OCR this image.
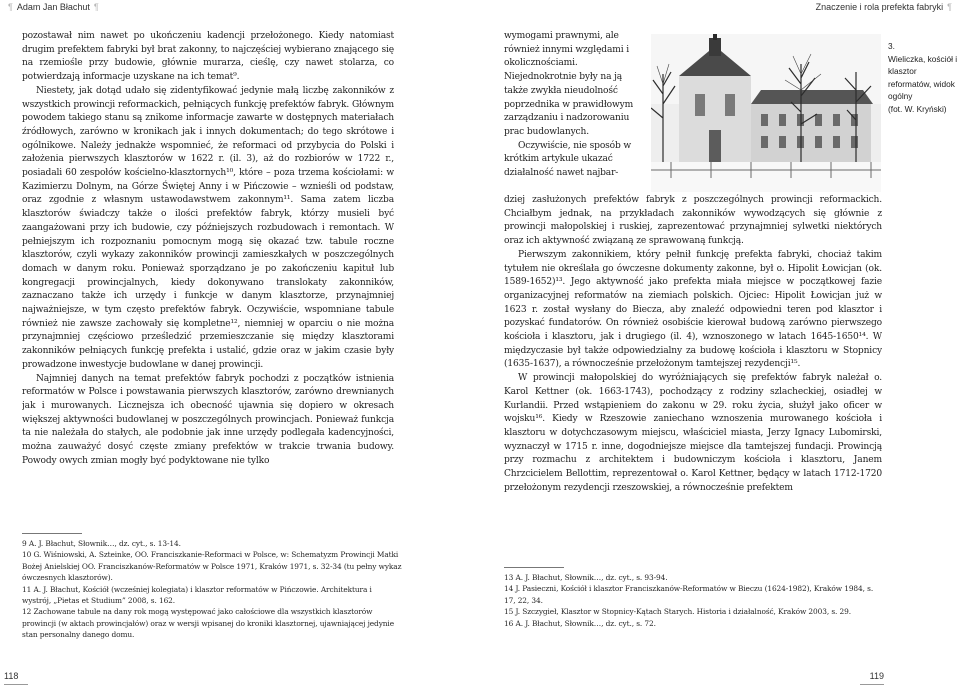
¶ Adam Jan Błachut ¶

pozostawał nim nawet po ukończeniu kadencji przełożonego. Kiedy natomiast drugim prefektem fabryki był brat zakonny, to najczęściej wybierano znającego się na rzemiośle przy budowie, głównie murarza, cieślę, czy nawet stolarza, co potwierdzają informacje uzyskane na ich temat⁹.

Niestety, jak dotąd udało się zidentyfikować jedynie małą liczbę zakonników z wszystkich prowincji reformackich, pełniących funkcję prefektów fabryk. Głównym powodem takiego stanu są znikome informacje zawarte w dostępnych materiałach źródłowych, zarówno w kronikach jak i innych dokumentach; do tego skrótowe i ogólnikowe. Należy jednakże wspomnieć, że reformaci od przybycia do Polski i założenia pierwszych klasztorów w 1622 r. (il. 3), aż do rozbiorów w 1722 r., posiadali 60 zespołów kościelno-klasztornych¹⁰, które – poza trzema kościołami: w Kazimierzu Dolnym, na Górze Świętej Anny i w Pińczowie – wznieśli od podstaw, oraz zgodnie z własnym ustawodawstwem zakonnym¹¹. Sama zatem liczba klasztorów świadczy także o ilości prefektów fabryk, którzy musieli być zaangażowani przy ich budowie, czy późniejszych rozbudowach i remontach. W pełniejszym ich rozpoznaniu pomocnym mogą się okazać tzw. tabule roczne klasztorów, czyli wykazy zakonników prowincji zamieszkałych w poszczególnych domach w danym roku. Ponieważ sporządzano je po zakończeniu kapituł lub kongregacji prowincjalnych, kiedy dokonywano translokaty zakonników, zaznaczano także ich urzędy i funkcje w danym klasztorze, przynajmniej najważniejsze, w tym często prefektów fabryk. Oczywiście, wspomniane tabule również nie zawsze zachowały się kompletne¹², niemniej w oparciu o nie można przynajmniej częściowo prześledzić przemieszczanie się między klasztorami zakonników pełniących funkcję prefekta i ustalić, gdzie oraz w jakim czasie były prowadzone inwestycje budowlane w danej prowincji.

Najmniej danych na temat prefektów fabryk pochodzi z początków istnienia reformatów w Polsce i powstawania pierwszych klasztorów, zarówno drewnianych jak i murowanych. Licznejsza ich obecność ujawnia się dopiero w okresach większej aktywności budowlanej w poszczególnych prowincjach. Ponieważ funkcja ta nie należała do stałych, ale podobnie jak inne urzędy podlegała kadencyjności, można zauważyć dosyć częste zmiany prefektów w trakcie trwania budowy. Powody owych zmian mogły być podyktowane nie tylko

9 A. J. Błachut, Słownik…, dz. cyt., s. 13-14.

10 G. Wiśniowski, A. Szteinke, OO. Franciszkanie-Reformaci w Polsce, w: Schematyzm Prowincji Matki Bożej Anielskiej OO. Franciszkanów-Reformatów w Polsce 1971, Kraków 1971, s. 32-34 (tu pełny wykaz ówczesnych klasztorów).

11 A. J. Błachut, Kościół (wcześniej kolegiata) i klasztor reformatów w Pińczowie. Architektura i wystrój, „Pietas et Studium” 2008, s. 162.

12 Zachowane tabule na dany rok mogą występować jako całościowe dla wszystkich klasztorów prowincji (w aktach prowincjałów) oraz w wersji wpisanej do kroniki klasztornej, ujawniającej jedynie stan personalny danego domu.

118
Znaczenie i rola prefekta fabryki ¶

wymogami prawnymi, ale również innymi względami i okolicznościami. Niejednokrotnie były na ją także zwykła nieudolność poprzednika w prawidłowym zarządzaniu i nadzorowaniu prac budowlanych.

Oczywiście, nie sposób w krótkim artykule ukazać działalność nawet najbar-

3.

Wieliczka, kościół i klasztor reformatów, widok ogólny

(fot. W. Kryński)

dziej zasłużonych prefektów fabryk z poszczególnych prowincji reformackich. Chciałbym jednak, na przykładach zakonników wywodzących się głównie z prowincji małopolskiej i ruskiej, zaprezentować przynajmniej sylwetki niektórych oraz ich aktywność związaną ze sprawowaną funkcją.

Pierwszym zakonnikiem, który pełnił funkcję prefekta fabryki, chociaż takim tytułem nie określała go ówczesne dokumenty zakonne, był o. Hipolit Łowicjan (ok. 1589-1652)¹³. Jego aktywność jako prefekta miała miejsce w początkowej fazie organizacyjnej reformatów na ziemiach polskich. Ojciec: Hipolit Łowicjan już w 1623 r. został wysłany do Biecza, aby znaleźć odpowiedni teren pod klasztor i pozyskać fundatorów. On również osobiście kierował budową zarówno pierwszego kościoła i klasztoru, jak i drugiego (il. 4), wznoszonego w latach 1645-1650¹⁴. W międzyczasie był także odpowiedzialny za budowę kościoła i klasztoru w Stopnicy (1635-1637), a równocześnie przełożonym tamtejszej rezydencji¹⁵.

W prowincji małopolskiej do wyróżniających się prefektów fabryk należał o. Karol Kettner (ok. 1663-1743), pochodzący z rodziny szlacheckiej, osiadłej w Kurlandii. Przed wstąpieniem do zakonu w 29. roku życia, służył jako oficer w wojsku¹⁶. Kiedy w Rzeszowie zaniechano wznoszenia murowanego kościoła i klasztoru w dotychczasowym miejscu, właściciel miasta, Jerzy Ignacy Lubomirski, wyznaczył w 1715 r. inne, dogodniejsze miejsce dla tamtejszej fundacji. Prowincją przy rozmachu z architektem i budowniczym kościoła i klasztoru, Janem Chrzcicielem Bellottim, reprezentował o. Karol Kettner, będący w latach 1712-1720 przełożonym rezydencji rzeszowskiej, a równocześnie prefektem

13 A. J. Błachut, Słownik…, dz. cyt., s. 93-94.

14 J. Pasieczni, Kościół i klasztor Franciszkanów-Reformatów w Bieczu (1624-1982), Kraków 1984, s. 17, 22, 34.

15 J. Szczygieł, Klasztor w Stopnicy-Kątach Starych. Historia i działalność, Kraków 2003, s. 29.

16 A. J. Błachut, Słownik…, dz. cyt., s. 72.

119
